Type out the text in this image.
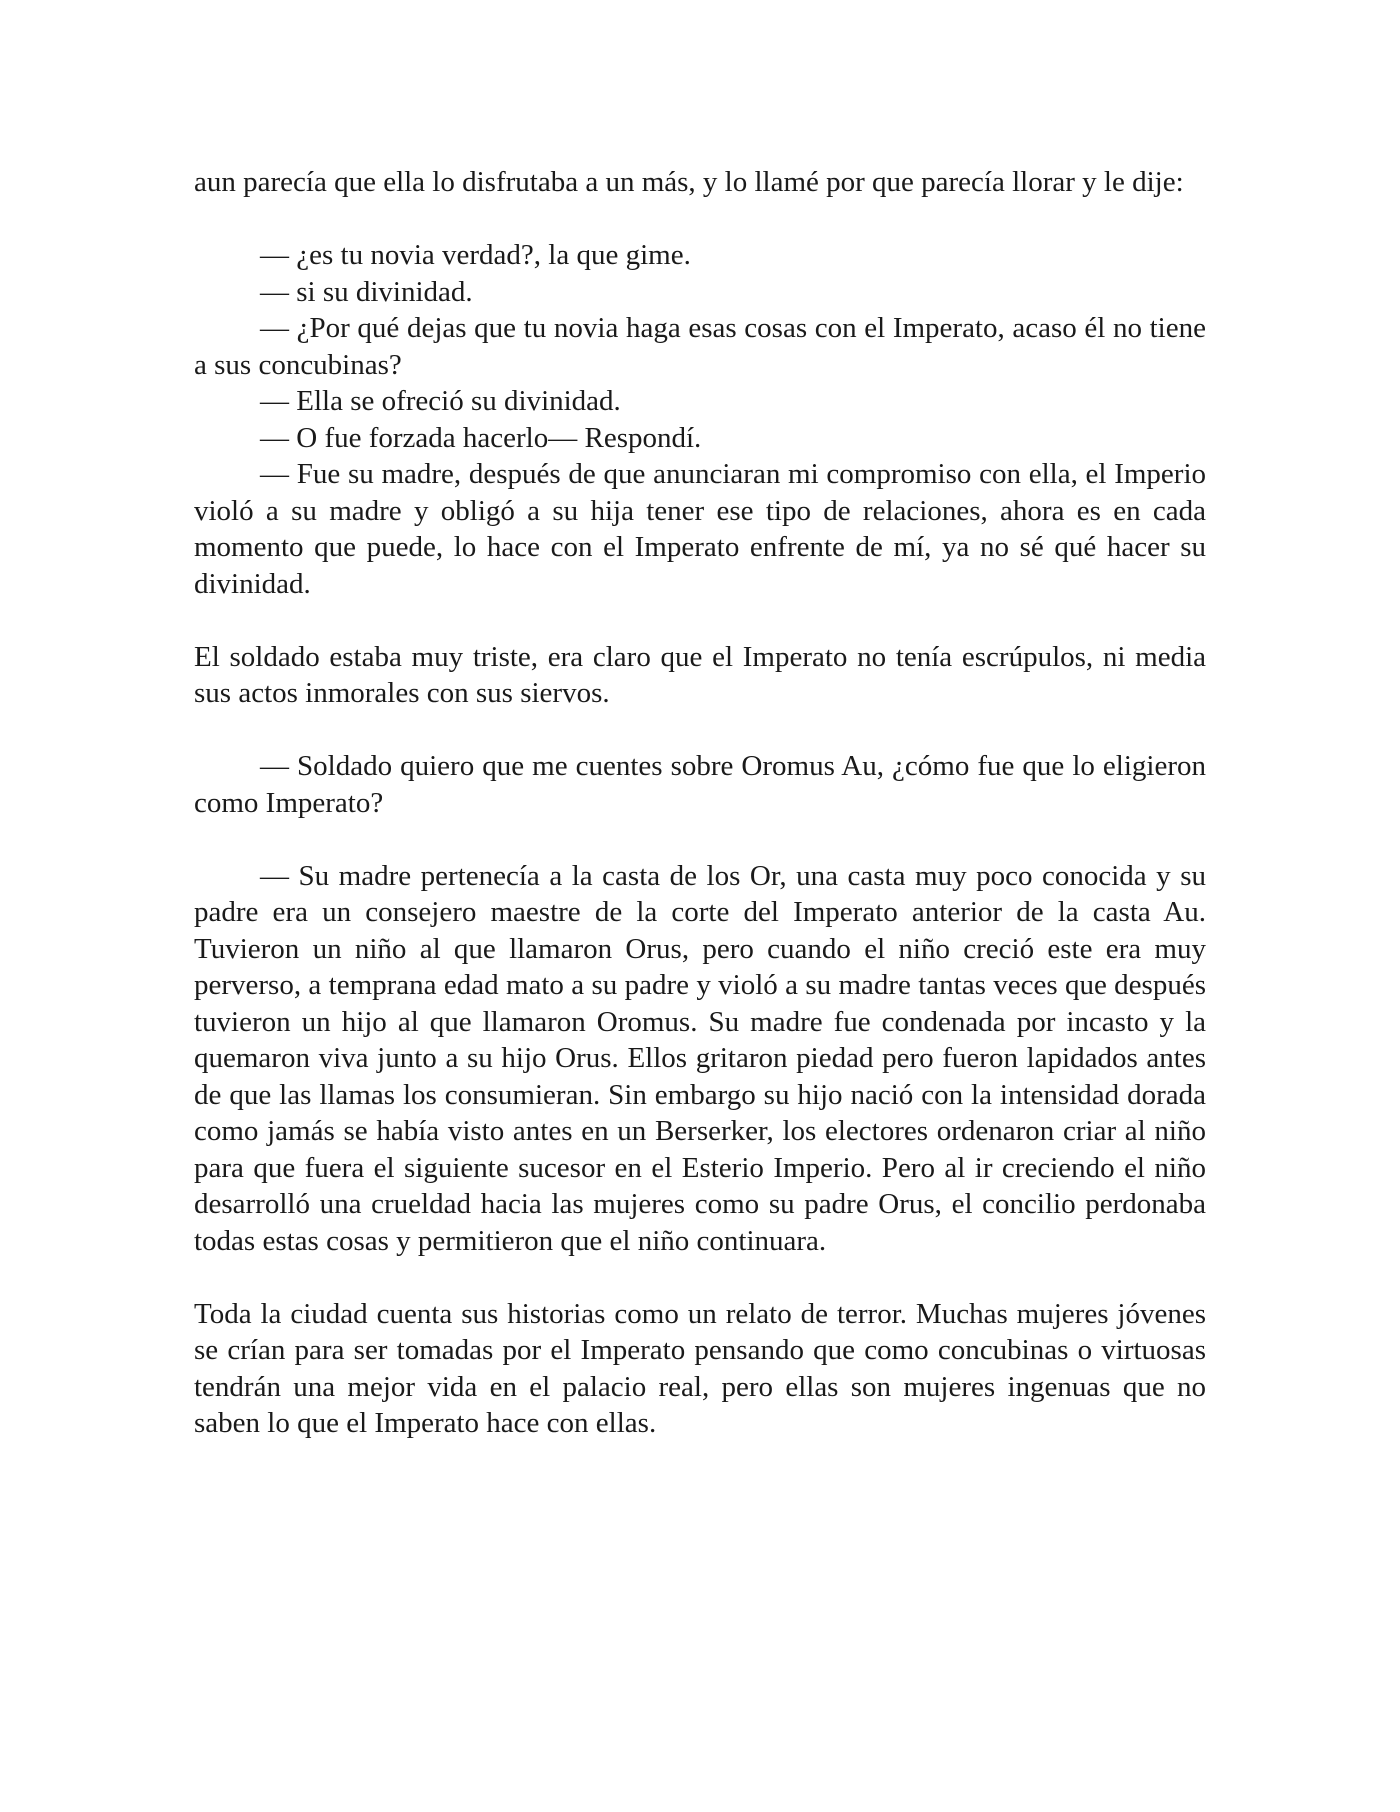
aun parecía que ella lo disfrutaba a un más, y lo llamé por que parecía llorar y le dije:

— ¿es tu novia verdad?, la que gime.

— si su divinidad.

— ¿Por qué dejas que tu novia haga esas cosas con el Imperato, acaso él no tiene a sus concubinas?

— Ella se ofreció su divinidad.

— O fue forzada hacerlo— Respondí.

— Fue su madre, después de que anunciaran mi compromiso con ella, el Imperio violó a su madre y obligó a su hija tener ese tipo de relaciones, ahora es en cada momento que puede, lo hace con el Imperato enfrente de mí, ya no sé qué hacer su divinidad.

El soldado estaba muy triste, era claro que el Imperato no tenía escrúpulos, ni media sus actos inmorales con sus siervos.

— Soldado quiero que me cuentes sobre Oromus Au, ¿cómo fue que lo eligieron como Imperato?

— Su madre pertenecía a la casta de los Or, una casta muy poco conocida y su padre era un consejero maestre de la corte del Imperato anterior de la casta Au. Tuvieron un niño al que llamaron Orus, pero cuando el niño creció este era muy perverso, a temprana edad mato a su padre y violó a su madre tantas veces que después tuvieron un hijo al que llamaron Oromus. Su madre fue condenada por incasto y la quemaron viva junto a su hijo Orus. Ellos gritaron piedad pero fueron lapidados antes de que las llamas los consumieran. Sin embargo su hijo nació con la intensidad dorada como jamás se había visto antes en un Berserker, los electores ordenaron criar al niño para que fuera el siguiente sucesor en el Esterio Imperio. Pero al ir creciendo el niño desarrolló una crueldad hacia las mujeres como su padre Orus, el concilio perdonaba todas estas cosas y permitieron que el niño continuara.

Toda la ciudad cuenta sus historias como un relato de terror. Muchas mujeres jóvenes se crían para ser tomadas por el Imperato pensando que como concubinas o virtuosas tendrán una mejor vida en el palacio real, pero ellas son mujeres ingenuas que no saben lo que el Imperato hace con ellas.
